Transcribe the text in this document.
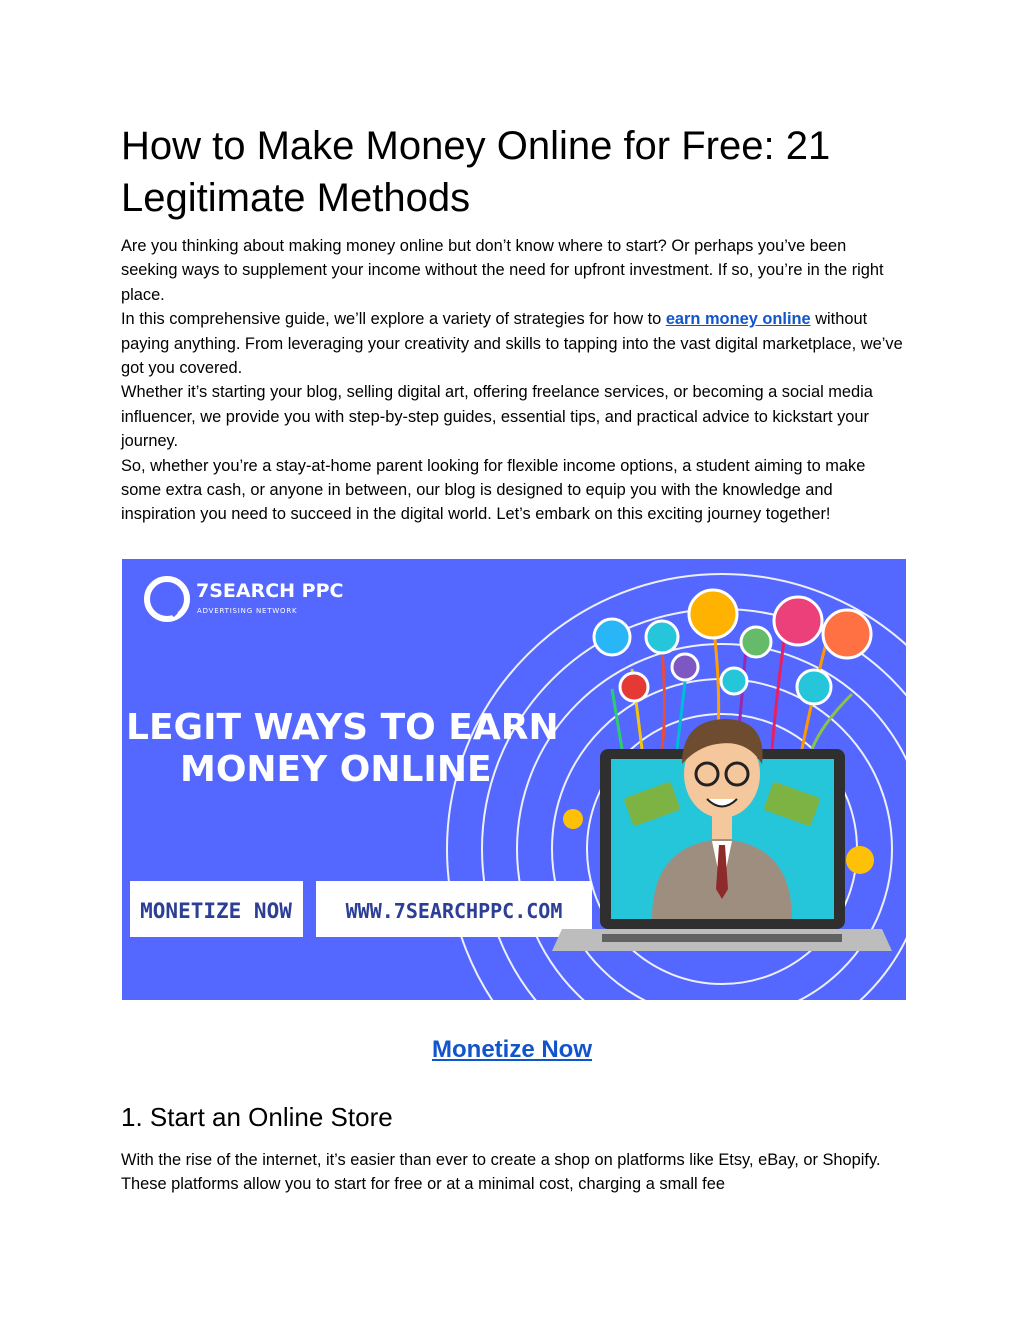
How to Make Money Online for Free: 21 Legitimate Methods

Are you thinking about making money online but don’t know where to start? Or perhaps you’ve been seeking ways to supplement your income without the need for upfront investment. If so, you’re in the right place.

In this comprehensive guide, we’ll explore a variety of strategies for how to earn money online without paying anything. From leveraging your creativity and skills to tapping into the vast digital marketplace, we’ve got you covered.

Whether it’s starting your blog, selling digital art, offering freelance services, or becoming a social media influencer, we provide you with step-by-step guides, essential tips, and practical advice to kickstart your journey.

So, whether you’re a stay-at-home parent looking for flexible income options, a student aiming to make some extra cash, or anyone in between, our blog is designed to equip you with the knowledge and inspiration you need to succeed in the digital world. Let’s embark on this exciting journey together!

7SEARCH PPC
ADVERTISING NETWORK
LEGIT WAYS TO EARN
MONEY ONLINE
MONETIZE NOW	WWW.7SEARCHPPC.COM
Monetize Now
1. Start an Online Store

With the rise of the internet, it’s easier than ever to create a shop on platforms like Etsy, eBay, or Shopify. These platforms allow you to start for free or at a minimal cost, charging a small fee
